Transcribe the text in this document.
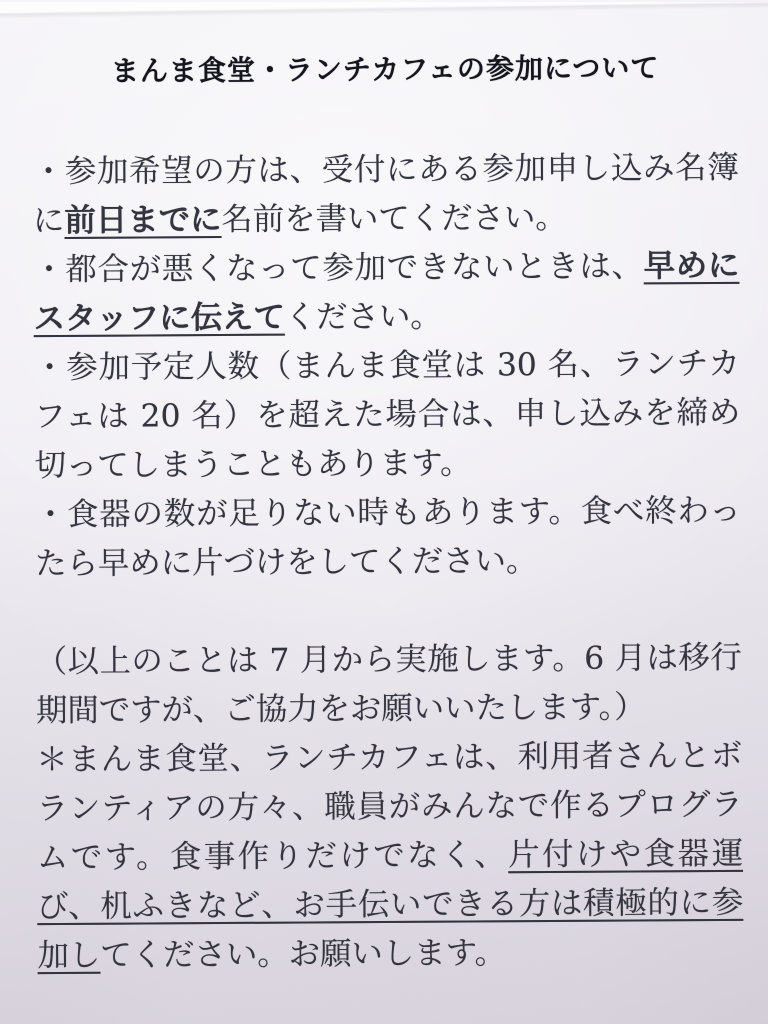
まんま食堂・ランチカフェの参加について

・参加希望の方は、受付にある参加申し込み名簿に前日までに名前を書いてください。

・都合が悪くなって参加できないときは、早めにスタッフに伝えてください。

・参加予定人数（まんま食堂は 30 名、ランチカフェは 20 名）を超えた場合は、申し込みを締め切ってしまうこともあります。

・食器の数が足りない時もあります。食べ終わったら早めに片づけをしてください。

（以上のことは 7 月から実施します。6 月は移行期間ですが、ご協力をお願いいたします。）

＊まんま食堂、ランチカフェは、利用者さんとボランティアの方々、職員がみんなで作るプログラムです。食事作りだけでなく、片付けや食器運び、机ふきなど、お手伝いできる方は積極的に参加してください。お願いします。
